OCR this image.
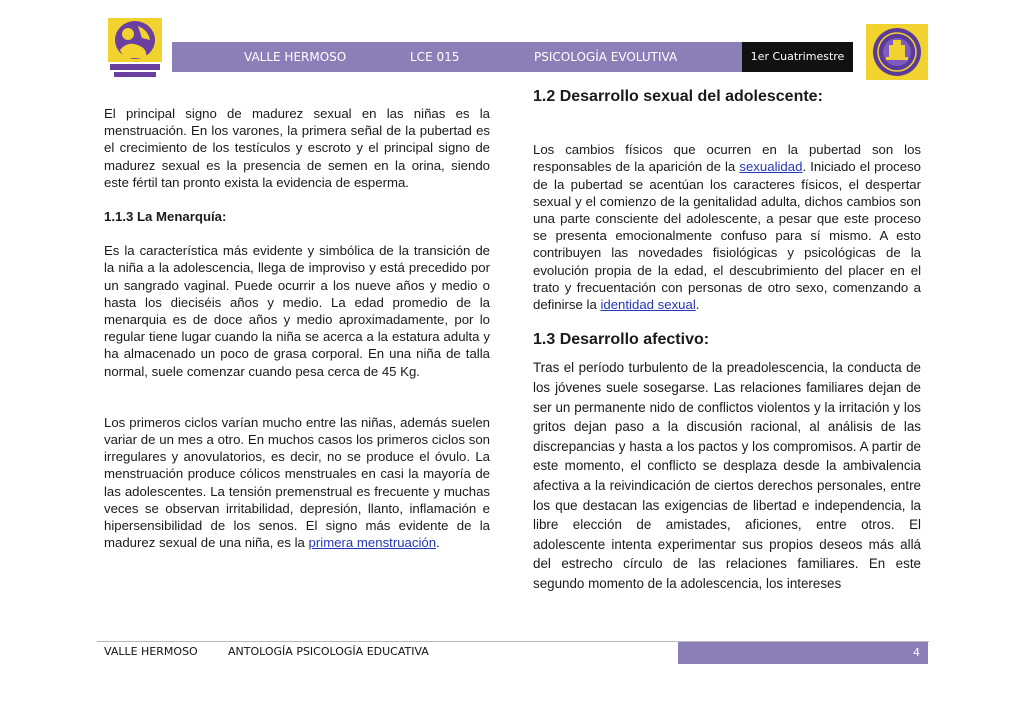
VALLE HERMOSO	LCE 015	PSICOLOGÍA EVOLUTIVA	1er Cuatrimestre

El principal signo de madurez sexual en las niñas es la menstruación. En los varones, la primera señal de la pubertad es el crecimiento de los testículos y escroto y el principal signo de madurez sexual es la presencia de semen en la orina, siendo este fértil tan pronto exista la evidencia de esperma.

1.1.3 La Menarquía:

Es la característica más evidente y simbólica de la transición de la niña a la adolescencia, llega de improviso y está precedido por un sangrado vaginal. Puede ocurrir a los nueve años y medio o hasta los dieciséis años y medio. La edad promedio de la menarquia es de doce años y medio aproximadamente, por lo regular tiene lugar cuando la niña se acerca a la estatura adulta y ha almacenado un poco de grasa corporal. En una niña de talla normal, suele comenzar cuando pesa cerca de 45 Kg.

Los primeros ciclos varían mucho entre las niñas, además suelen variar de un mes a otro. En muchos casos los primeros ciclos son irregulares y anovulatorios, es decir, no se produce el óvulo. La menstruación produce cólicos menstruales en casi la mayoría de las adolescentes. La tensión premenstrual es frecuente y muchas veces se observan irritabilidad, depresión, llanto, inflamación e hipersensibilidad de los senos. El signo más evidente de la madurez sexual de una niña, es la primera menstruación.

1.2 Desarrollo sexual del adolescente:

Los cambios físicos que ocurren en la pubertad son los responsables de la aparición de la sexualidad. Iniciado el proceso de la pubertad se acentúan los caracteres físicos, el despertar sexual y el comienzo de la genitalidad adulta, dichos cambios son una parte consciente del adolescente, a pesar que este proceso se presenta emocionalmente confuso para sí mismo. A esto contribuyen las novedades fisiológicas y psicológicas de la evolución propia de la edad, el descubrimiento del placer en el trato y frecuentación con personas de otro sexo, comenzando a definirse la identidad sexual.

1.3 Desarrollo afectivo:

Tras el período turbulento de la preadolescencia, la conducta de los jóvenes suele sosegarse. Las relaciones familiares dejan de ser un permanente nido de conflictos violentos y la irritación y los gritos dejan paso a la discusión racional, al análisis de las discrepancias y hasta a los pactos y los compromisos. A partir de este momento, el conflicto se desplaza desde la ambivalencia afectiva a la reivindicación de ciertos derechos personales, entre los que destacan las exigencias de libertad e independencia, la libre elección de amistades, aficiones, entre otros. El adolescente intenta experimentar sus propios deseos más allá del estrecho círculo de las relaciones familiares. En este segundo momento de la adolescencia, los intereses

VALLE HERMOSO	ANTOLOGÍA PSICOLOGÍA EDUCATIVA	4
